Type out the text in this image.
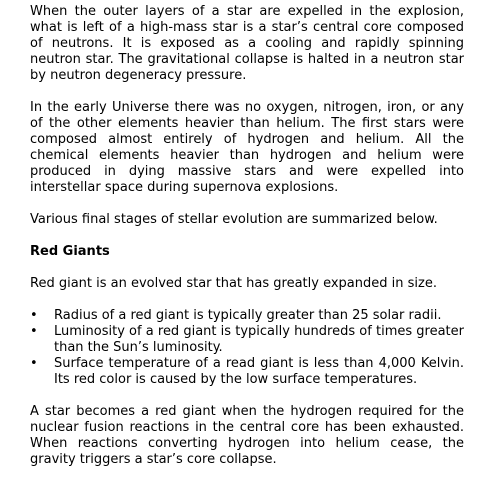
When the outer layers of a star are expelled in the explosion, what is left of a high-mass star is a star’s central core composed of neutrons. It is exposed as a cooling and rapidly spinning neutron star. The gravitational collapse is halted in a neutron star by neutron degeneracy pressure.

In the early Universe there was no oxygen, nitrogen, iron, or any of the other elements heavier than helium. The first stars were composed almost entirely of hydrogen and helium. All the chemical elements heavier than hydrogen and helium were produced in dying massive stars and were expelled into interstellar space during supernova explosions.

Various final stages of stellar evolution are summarized below.

Red Giants

Red giant is an evolved star that has greatly expanded in size.

• Radius of a red giant is typically greater than 25 solar radii.
• Luminosity of a red giant is typically hundreds of times greater than the Sun’s luminosity.
• Surface temperature of a read giant is less than 4,000 Kelvin. Its red color is caused by the low surface temperatures.

A star becomes a red giant when the hydrogen required for the nuclear fusion reactions in the central core has been exhausted. When reactions converting hydrogen into helium cease, the gravity triggers a star’s core collapse.
